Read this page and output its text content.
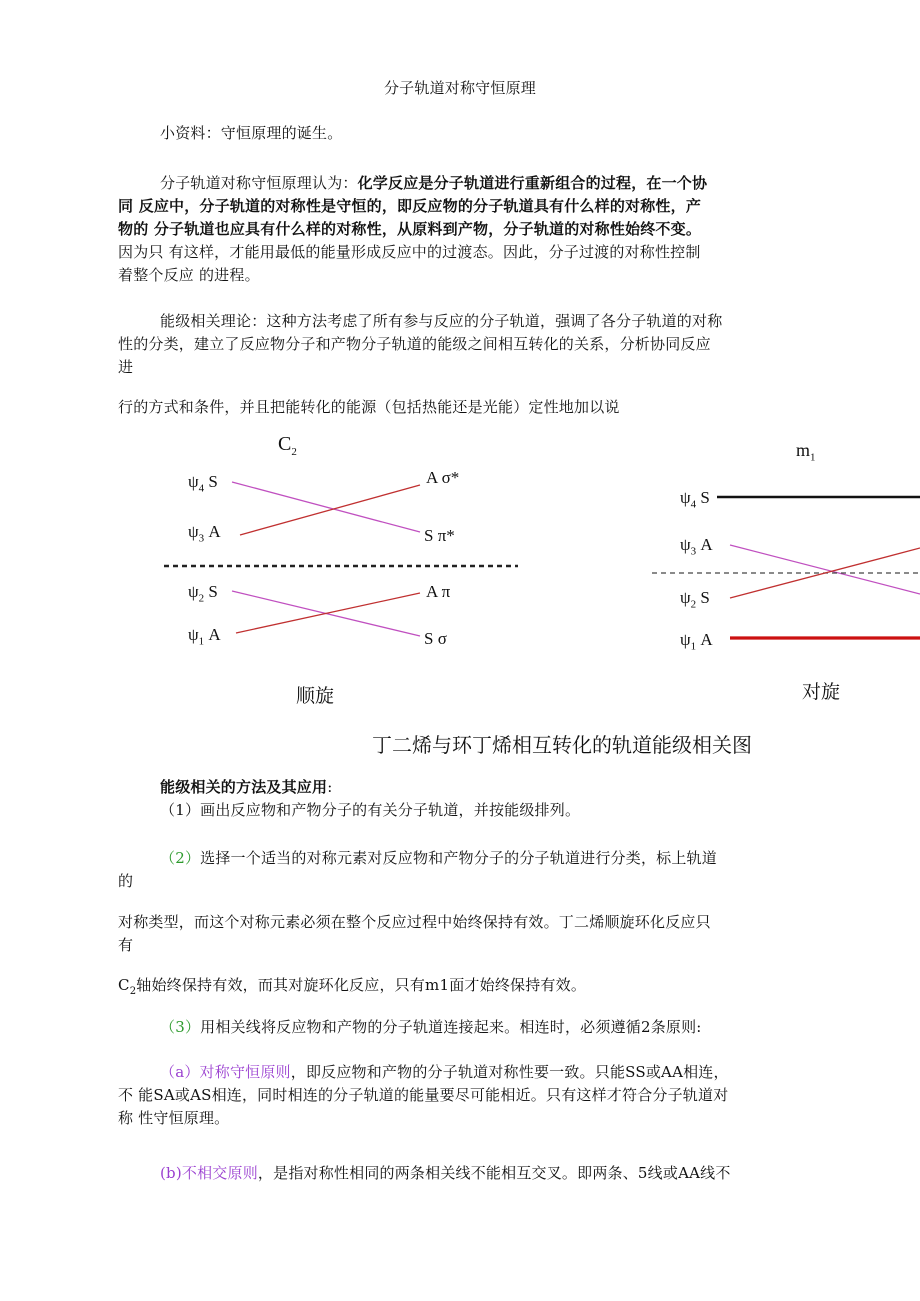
分子轨道对称守恒原理
小资料：守恒原理的诞生。
分子轨道对称守恒原理认为：化学反应是分子轨道进行重新组合的过程，在一个协
同 反应中，分子轨道的对称性是守恒的，即反应物的分子轨道具有什么样的对称性，产
物的 分子轨道也应具有什么样的对称性，从原料到产物，分子轨道的对称性始终不变。
因为只 有这样，才能用最低的能量形成反应中的过渡态。因此，分子过渡的对称性控制
着整个反应 的进程。
能级相关理论：这种方法考虑了所有参与反应的分子轨道，强调了各分子轨道的对称
性的分类，建立了反应物分子和产物分子轨道的能级之间相互转化的关系，分析协同反应
进
行的方式和条件，并且把能转化的能源（包括热能还是光能）定性地加以说
$C_2$
$\psi_4$ S
$\psi_3$ A
$\psi_2$ S
$\psi_1$ A
A σ*
S π*
A π
S σ
顺旋
$m_1$
$\psi_4$ S
$\psi_3$ A
$\psi_2$ S
$\psi_1$ A
对旋
丁二烯与环丁烯相互转化的轨道能级相关图
能级相关的方法及其应用:
（1）画出反应物和产物分子的有关分子轨道，并按能级排列。
（2）选择一个适当的对称元素对反应物和产物分子的分子轨道进行分类，标上轨道
的
对称类型，而这个对称元素必须在整个反应过程中始终保持有效。丁二烯顺旋环化反应只
有
$C_2$轴始终保持有效，而其对旋环化反应，只有m1面才始终保持有效。
（3）用相关线将反应物和产物的分子轨道连接起来。相连时，必须遵循2条原则:
（a）对称守恒原则，即反应物和产物的分子轨道对称性要一致。只能SS或AA相连，
不 能SA或AS相连，同时相连的分子轨道的能量要尽可能相近。只有这样才符合分子轨道对
称 性守恒原理。
(b)不相交原则，是指对称性相同的两条相关线不能相互交叉。即两条、5线或AA线不
